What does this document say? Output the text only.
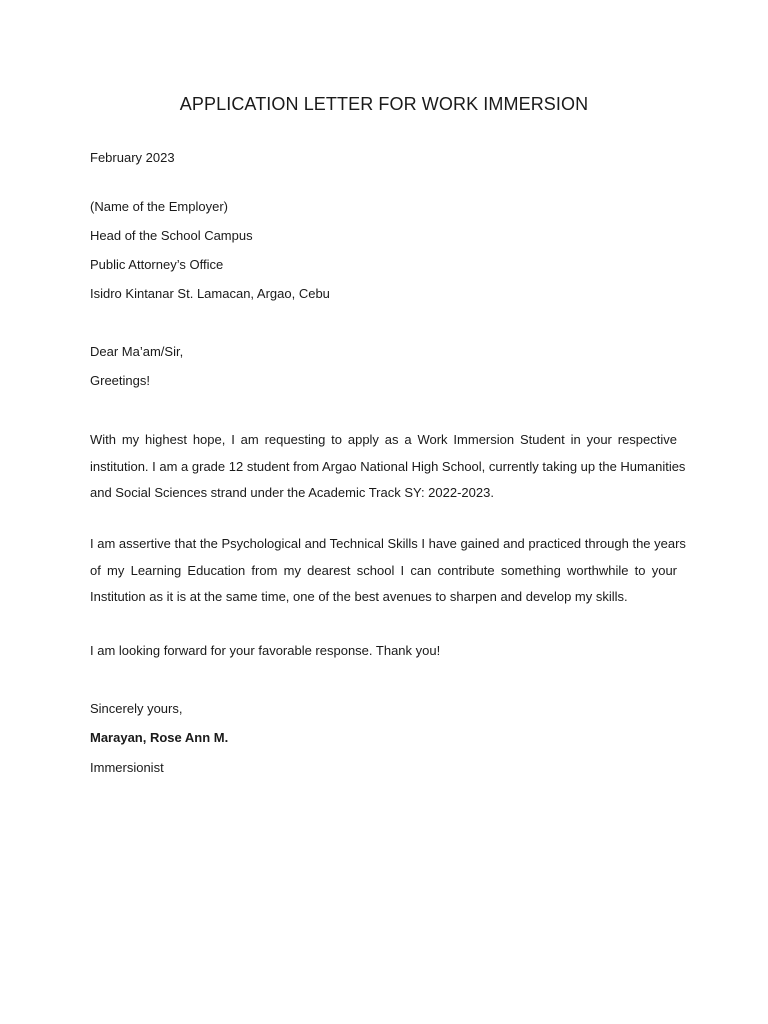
APPLICATION LETTER FOR WORK IMMERSION

February 2023

(Name of the Employer)

Head of the School Campus

Public Attorney’s Office

Isidro Kintanar St. Lamacan, Argao, Cebu

Dear Ma’am/Sir,

Greetings!

With my highest hope, I am requesting to apply as a Work Immersion Student in your respective
institution. I am a grade 12 student from Argao National High School, currently taking up the Humanities
and Social Sciences strand under the Academic Track SY: 2022-2023.
I am assertive that the Psychological and Technical Skills I have gained and practiced through the years
of my Learning Education from my dearest school I can contribute something worthwhile to your
Institution as it is at the same time, one of the best avenues to sharpen and develop my skills.

I am looking forward for your favorable response. Thank you!

Sincerely yours,

Marayan, Rose Ann M.

Immersionist
